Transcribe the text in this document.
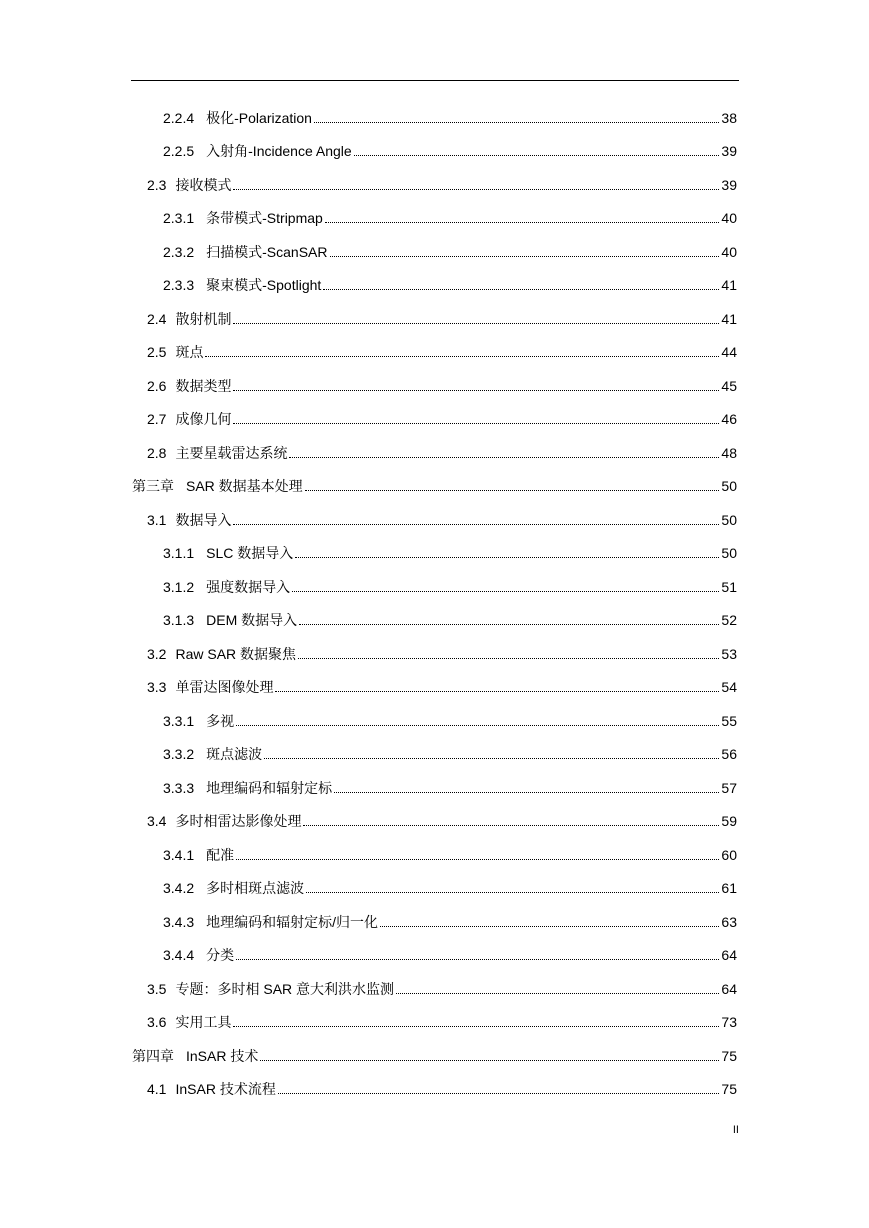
2.2.4 极化-Polarization	38
2.2.5 入射角-Incidence Angle	39
2.3 接收模式	39
2.3.1 条带模式-Stripmap	40
2.3.2 扫描模式-ScanSAR	40
2.3.3 聚束模式-Spotlight	41
2.4 散射机制	41
2.5 斑点	44
2.6 数据类型	45
2.7 成像几何	46
2.8 主要星载雷达系统	48
第三章 SAR 数据基本处理	50
3.1 数据导入	50
3.1.1 SLC 数据导入	50
3.1.2 强度数据导入	51
3.1.3 DEM 数据导入	52
3.2 Raw SAR 数据聚焦	53
3.3 单雷达图像处理	54
3.3.1 多视	55
3.3.2 斑点滤波	56
3.3.3 地理编码和辐射定标	57
3.4 多时相雷达影像处理	59
3.4.1 配准	60
3.4.2 多时相斑点滤波	61
3.4.3 地理编码和辐射定标/归一化	63
3.4.4 分类	64
3.5 专题：多时相 SAR 意大利洪水监测	64
3.6 实用工具	73
第四章 InSAR 技术	75
4.1 InSAR 技术流程	75
II
